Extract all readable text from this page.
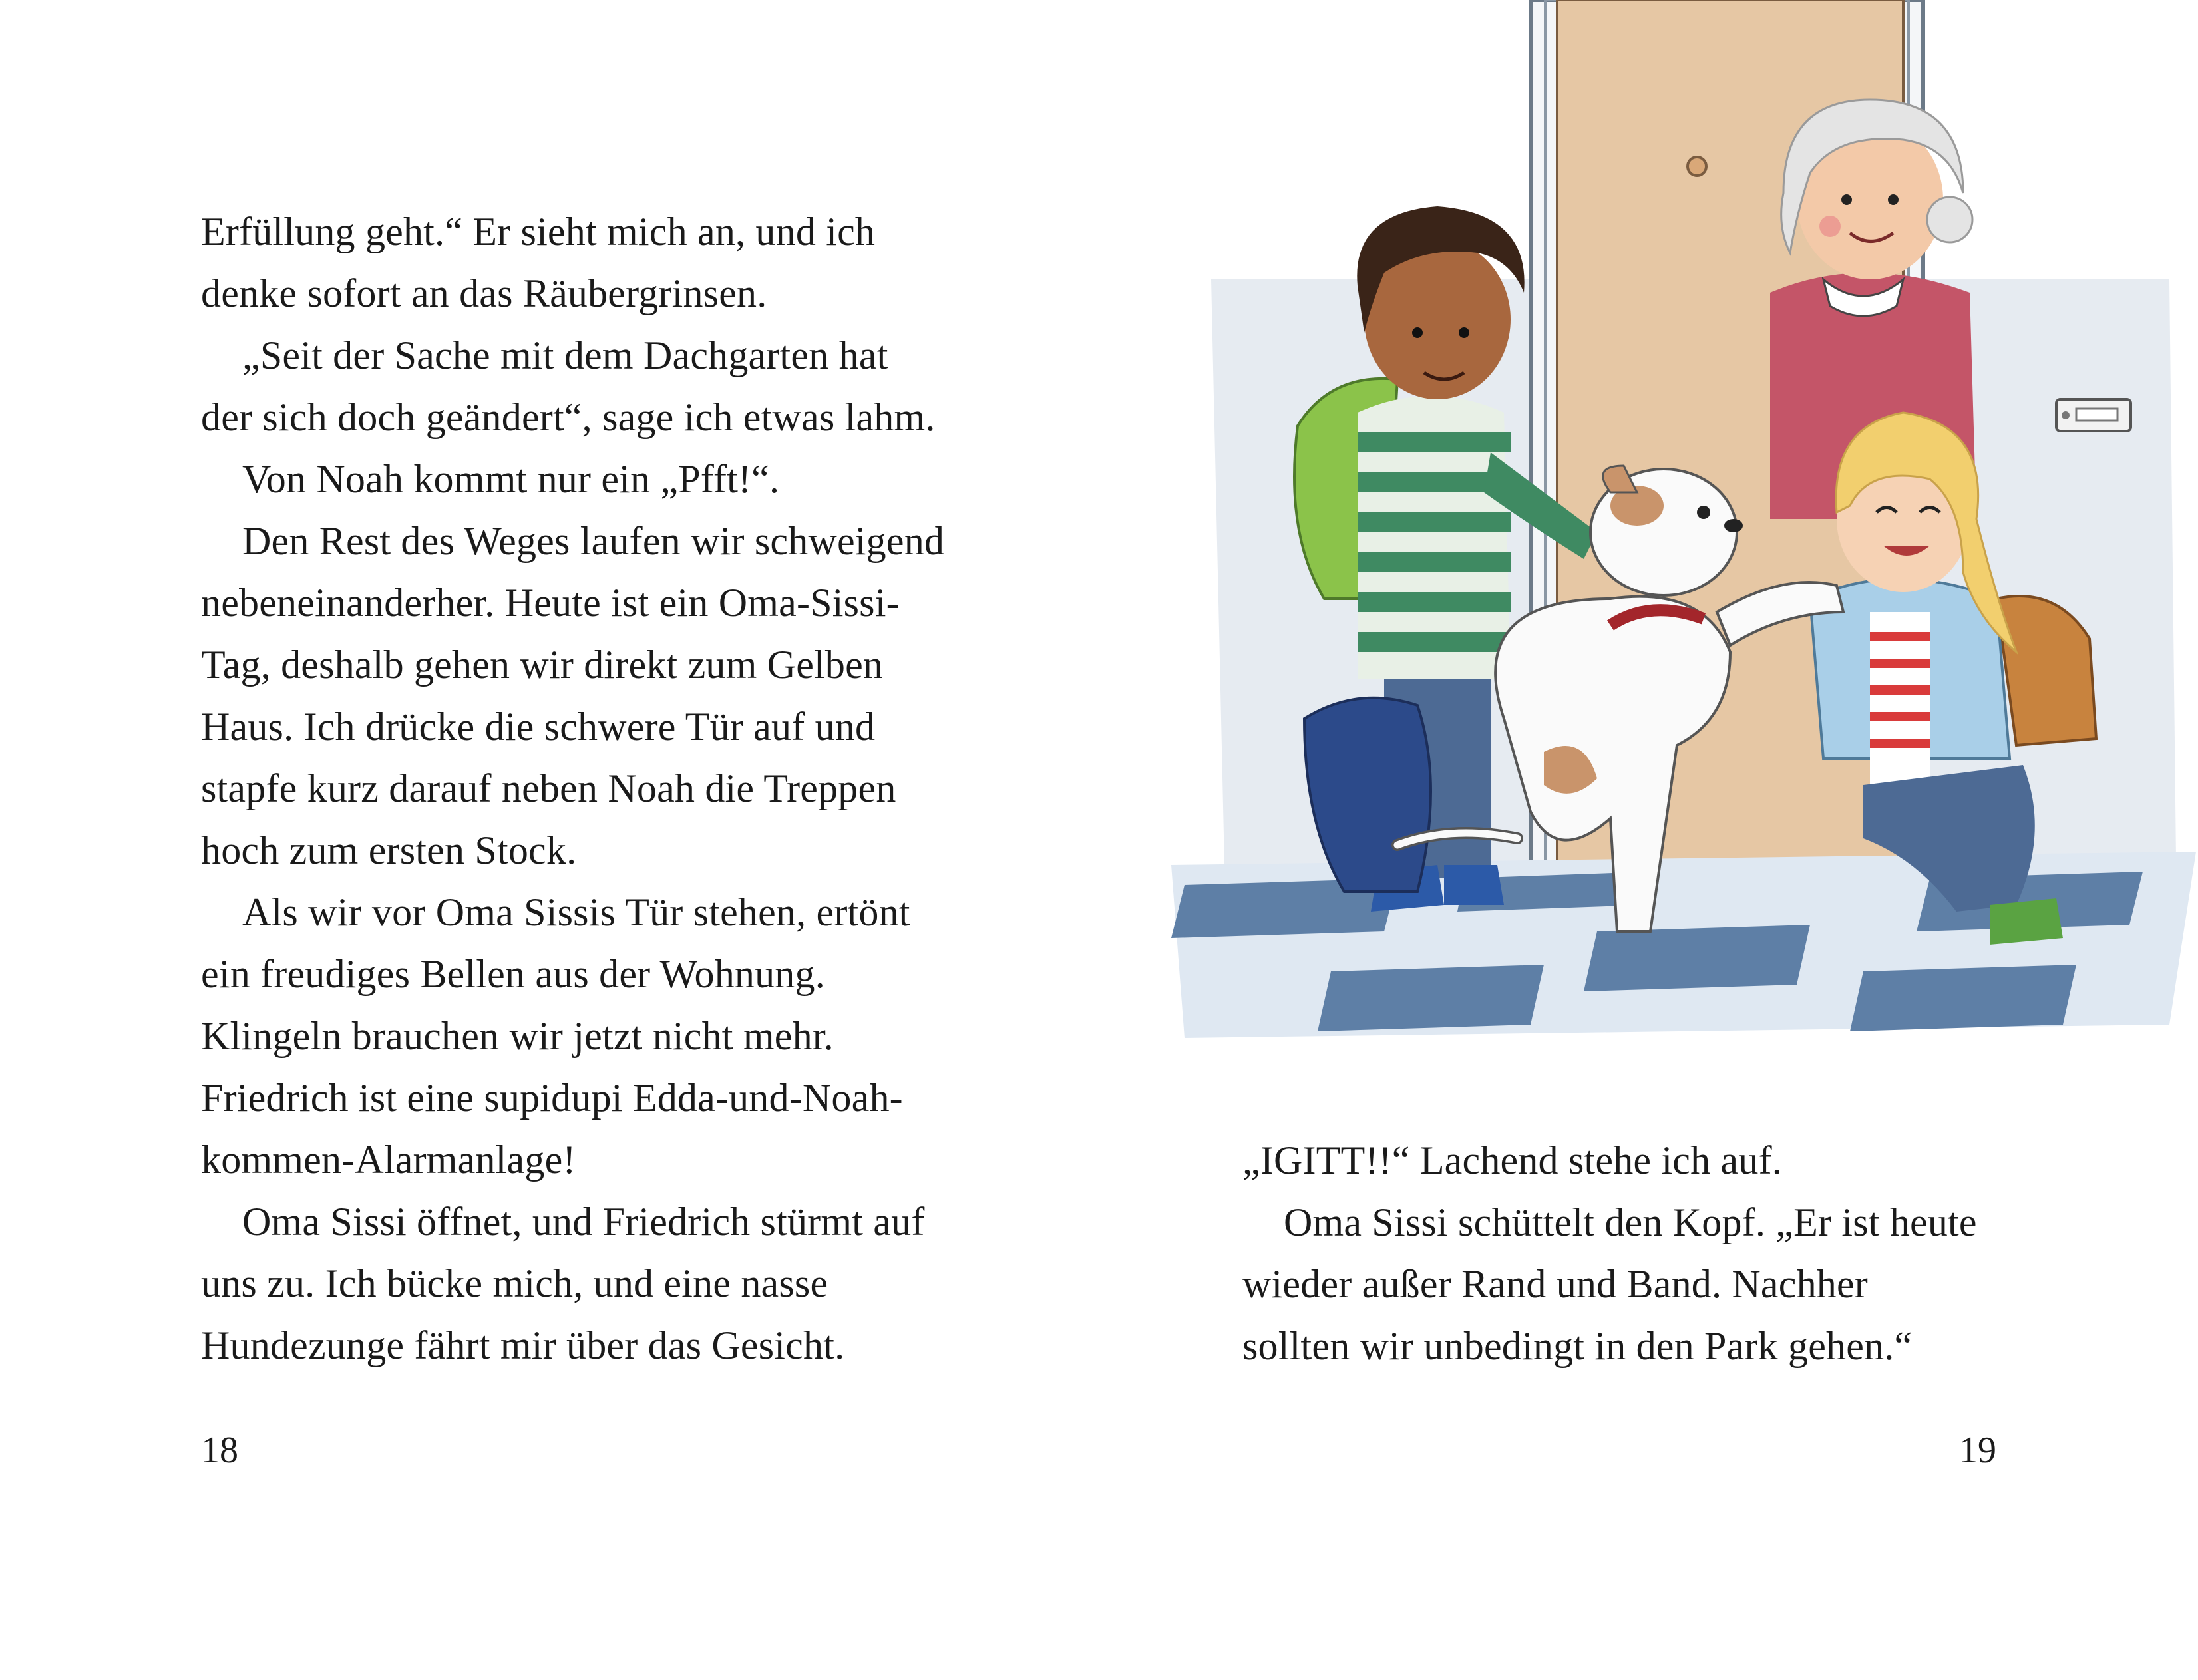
Erfüllung geht.“ Er sieht mich an, und ich
denke sofort an das Räubergrinsen.
„Seit der Sache mit dem Dachgarten hat
der sich doch geändert“, sage ich etwas lahm.
Von Noah kommt nur ein „Pfft!“.
Den Rest des Weges laufen wir schweigend
nebeneinanderher. Heute ist ein Oma-Sissi-
Tag, deshalb gehen wir direkt zum Gelben
Haus. Ich drücke die schwere Tür auf und
stapfe kurz darauf neben Noah die Treppen
hoch zum ersten Stock.
Als wir vor Oma Sissis Tür stehen, ertönt
ein freudiges Bellen aus der Wohnung.
Klingeln brauchen wir jetzt nicht mehr.
Friedrich ist eine supidupi Edda-und-Noah-
kommen-Alarmanlage!
Oma Sissi öffnet, und Friedrich stürmt auf
uns zu. Ich bücke mich, und eine nasse
Hundezunge fährt mir über das Gesicht.
18
„IGITT!!“ Lachend stehe ich auf.
Oma Sissi schüttelt den Kopf. „Er ist heute
wieder außer Rand und Band. Nachher
sollten wir unbedingt in den Park gehen.“
19
